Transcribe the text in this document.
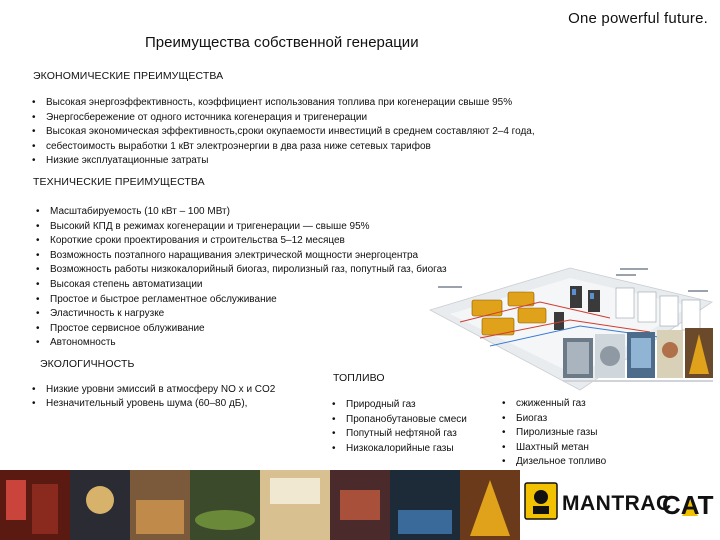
One powerful future.
Преимущества собственной генерации
ЭКОНОМИЧЕСКИЕ ПРЕИМУЩЕСТВА
• Высокая энергоэффективность, коэффициент использования топлива при когенерации свыше 95%
• Энергосбережение от одного источника когенерация и тригенерации
• Высокая экономическая эффективность,сроки окупаемости инвестиций в среднем составляют 2–4 года,
• себестоимость выработки 1 кВт электроэнергии в два раза ниже сетевых тарифов
• Низкие эксплуатационные затраты
ТЕХНИЧЕСКИЕ ПРЕИМУЩЕСТВА
• Масштабируемость (10 кВт – 100 МВт)
• Высокий КПД в режимах когенерации и тригенерации — свыше 95%
• Короткие сроки проектирования и строительства 5–12 месяцев
• Возможность поэтапного наращивания электрической мощности энергоцентра
• Возможность работы низкокалорийный биогаз, пиролизный газ, попутный газ, биогаз
• Высокая степень автоматизации
• Простое и быстрое регламентное обслуживание
• Эластичность к нагрузке
• Простое сервисное облуживание
• Автономность
ЭКОЛОГИЧНОСТЬ
• Низкие уровни эмиссий в атмосферу NO x и CO2
• Незначительный уровень шума (60–80 дБ),
ТОПЛИВО
• Природный газ
• Пропанобутановые смеси
• Попутный нефтяной газ
• Низкокалорийные газы
• сжиженный газ
• Биогаз
• Пиролизные газы
• Шахтный метан
• Дизельное топливо
MANTRAC
CAT
